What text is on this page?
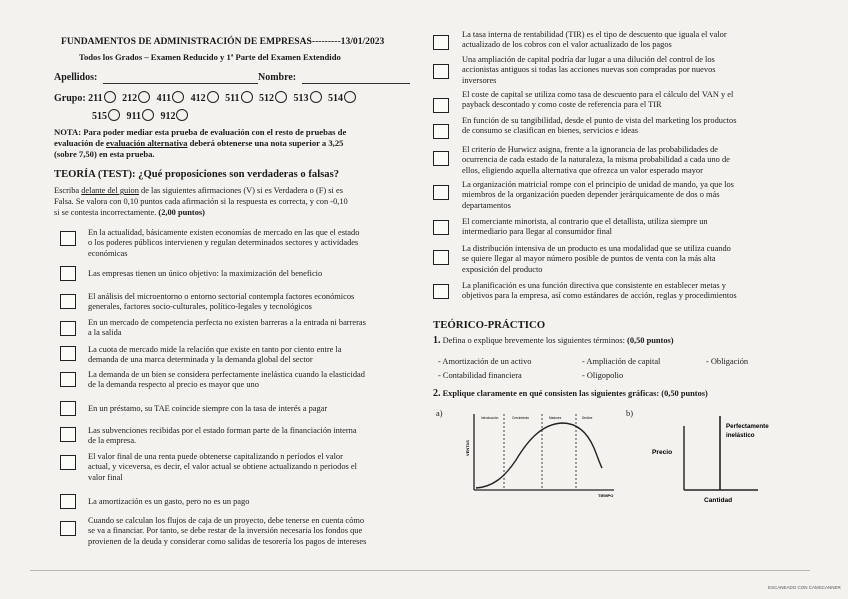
FUNDAMENTOS DE ADMINISTRACIÓN DE EMPRESAS---------13/01/2023
Todos los Grados – Examen Reducido y 1ª Parte del Examen Extendido
Apellidos:	Nombre:
Grupo: 211 212 411 412 511 512 513 514
515 911 912
NOTA: Para poder mediar esta prueba de evaluación con el resto de pruebas de
evaluación de evaluación alternativa deberá obtenerse una nota superior a 3,25
(sobre 7,50) en esta prueba.
TEORÍA (TEST): ¿Qué proposiciones son verdaderas o falsas?
Escriba delante del guion de las siguientes afirmaciones (V) si es Verdadera o (F) si es
Falsa. Se valora con 0,10 puntos cada afirmación si la respuesta es correcta, y con -0,10
si se contesta incorrectamente. (2,00 puntos)
En la actualidad, básicamente existen economías de mercado en las que el estado
o los poderes públicos intervienen y regulan determinados sectores y actividades
económicas
Las empresas tienen un único objetivo: la maximización del beneficio
El análisis del microentorno o entorno sectorial contempla factores económicos
generales, factores socio-culturales, político-legales y tecnológicos
En un mercado de competencia perfecta no existen barreras a la entrada ni barreras
a la salida
La cuota de mercado mide la relación que existe en tanto por ciento entre la
demanda de una marca determinada y la demanda global del sector
La demanda de un bien se considera perfectamente inelástica cuando la elasticidad
de la demanda respecto al precio es mayor que uno
En un préstamo, su TAE coincide siempre con la tasa de interés a pagar
Las subvenciones recibidas por el estado forman parte de la financiación interna
de la empresa.
El valor final de una renta puede obtenerse capitalizando n períodos el valor
actual, y viceversa, es decir, el valor actual se obtiene actualizando n periodos el
valor final
La amortización es un gasto, pero no es un pago
Cuando se calculan los flujos de caja de un proyecto, debe tenerse en cuenta cómo
se va a financiar. Por tanto, se debe restar de la inversión necesaria los fondos que
provienen de la deuda y considerar como salidas de tesorería los pagos de intereses
La tasa interna de rentabilidad (TIR) es el tipo de descuento que iguala el valor
actualizado de los cobros con el valor actualizado de los pagos
Una ampliación de capital podría dar lugar a una dilución del control de los
accionistas antiguos si todas las acciones nuevas son compradas por nuevos
inversores
El coste de capital se utiliza como tasa de descuento para el cálculo del VAN y el
payback descontado y como coste de referencia para el TIR
En función de su tangibilidad, desde el punto de vista del marketing los productos
de consumo se clasifican en bienes, servicios e ideas
El criterio de Hurwicz asigna, frente a la ignorancia de las probabilidades de
ocurrencia de cada estado de la naturaleza, la misma probabilidad a cada uno de
ellos, eligiendo aquella alternativa que ofrezca un valor esperado mayor
La organización matricial rompe con el principio de unidad de mando, ya que los
miembros de la organización pueden depender jerárquicamente de dos o más
departamentos
El comerciante minorista, al contrario que el detallista, utiliza siempre un
intermediario para llegar al consumidor final
La distribución intensiva de un producto es una modalidad que se utiliza cuando
se quiere llegar al mayor número posible de puntos de venta con la más alta
exposición del producto
La planificación es una función directiva que consistente en establecer metas y
objetivos para la empresa, así como estándares de acción, reglas y procedimientos
TEÓRICO-PRÁCTICO
1. Defina o explique brevemente los siguientes términos: (0,50 puntos)
- Amortización de un activo	- Ampliación de capital	- Obligación
- Contabilidad financiera	- Oligopolio
2. Explique claramente en qué consisten las siguientes gráficas: (0,50 puntos)
a)	b)
Introducción	Crecimiento	Madurez	Declive
VENTAS
TIEMPO
Precio
Cantidad
Perfectamente
inelástico
ESCANEADO CON CAMSCANNER
